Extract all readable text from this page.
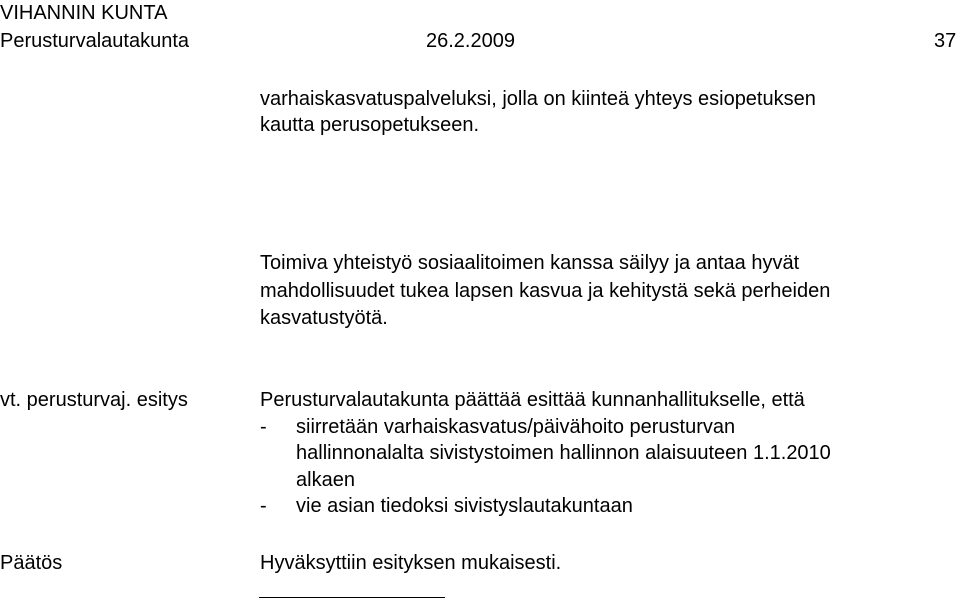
VIHANNIN KUNTA
Perusturvalautakunta	26.2.2009	37
varhaiskasvatuspalveluksi, jolla on kiinteä yhteys esiopetuksen
kautta perusopetukseen.
Toimiva yhteistyö sosiaalitoimen kanssa säilyy ja antaa hyvät
mahdollisuudet tukea lapsen kasvua ja kehitystä sekä perheiden
kasvatustyötä.
vt. perusturvaj. esitys	Perusturvalautakunta päättää esittää kunnanhallitukselle, että
- siirretään varhaiskasvatus/päivähoito perusturvan
hallinnonalalta sivistystoimen hallinnon alaisuuteen 1.1.2010
alkaen
- vie asian tiedoksi sivistyslautakuntaan
Päätös	Hyväksyttiin esityksen mukaisesti.
